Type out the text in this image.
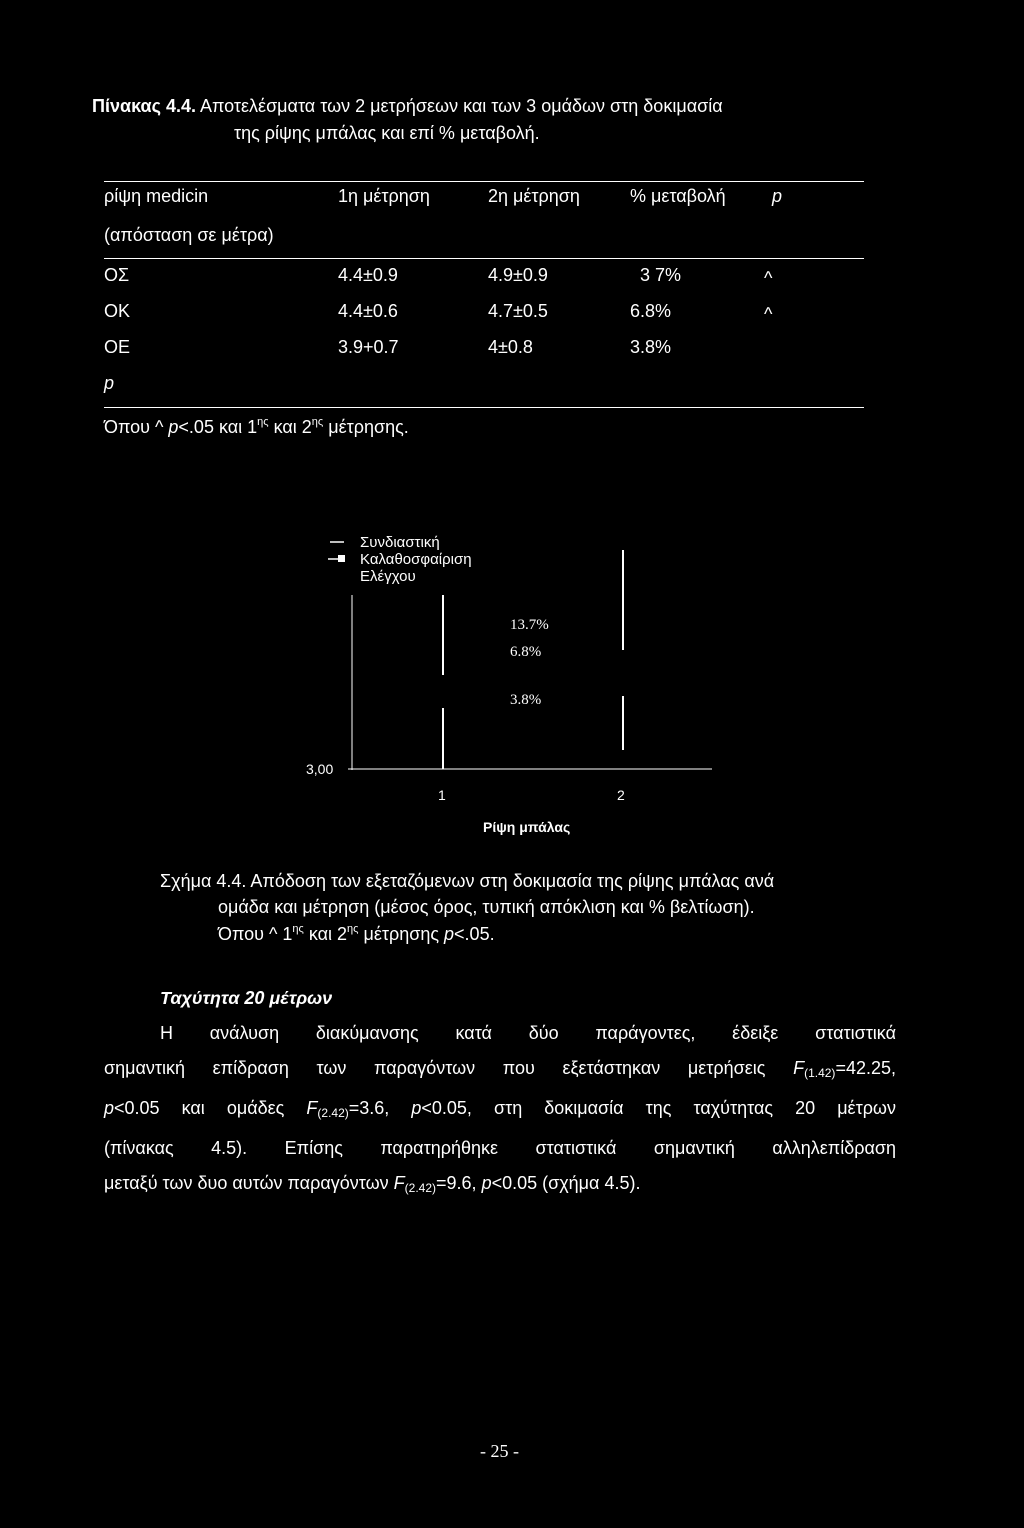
Πίνακας 4.4. Αποτελέσματα των 2 μετρήσεων και των 3 ομάδων στη δοκιμασία
της ρίψης μπάλας και επί % μεταβολή.
ρίψη medicin	1η μέτρηση	2η μέτρηση	% μεταβολή	p
(απόσταση σε μέτρα)
ΟΣ	4.4±0.9	4.9±0.9	3 7%	^
ΟΚ	4.4±0.6	4.7±0.5	6.8%	^
ΟΕ	3.9+0.7	4±0.8	3.8%
p
Όπου ^ p<.05 και $1^{\eta\varsigma}$ και $2^{\eta\varsigma}$ μέτρησης.
Συνδιαστική
Καλαθοσφαίριση
Ελέγχου
3,00
13.7%
6.8%
3.8%
1	2
Ρίψη μπάλας
Σχήμα 4.4. Απόδοση των εξεταζόμενων στη δοκιμασία της ρίψης μπάλας ανά
ομάδα και μέτρηση (μέσος όρος, τυπική απόκλιση και % βελτίωση).
Όπου ^ $1^{\eta\varsigma}$ και $2^{\eta\varsigma}$ μέτρησης p<.05.
Ταχύτητα 20 μέτρων
Η ανάλυση διακύμανσης κατά δύο παράγοντες, έδειξε στατιστικά
σημαντική επίδραση των παραγόντων που εξετάστηκαν μετρήσεις $F_{(1.42)}=42.25$,
p<0.05 και ομάδες $F_{(2.42)}=3.6$, p<0.05, στη δοκιμασία της ταχύτητας 20 μέτρων
(πίνακας 4.5). Επίσης παρατηρήθηκε στατιστικά σημαντική αλληλεπίδραση
μεταξύ των δυο αυτών παραγόντων $F_{(2.42)}=9.6$, p<0.05 (σχήμα 4.5).
- 25 -
